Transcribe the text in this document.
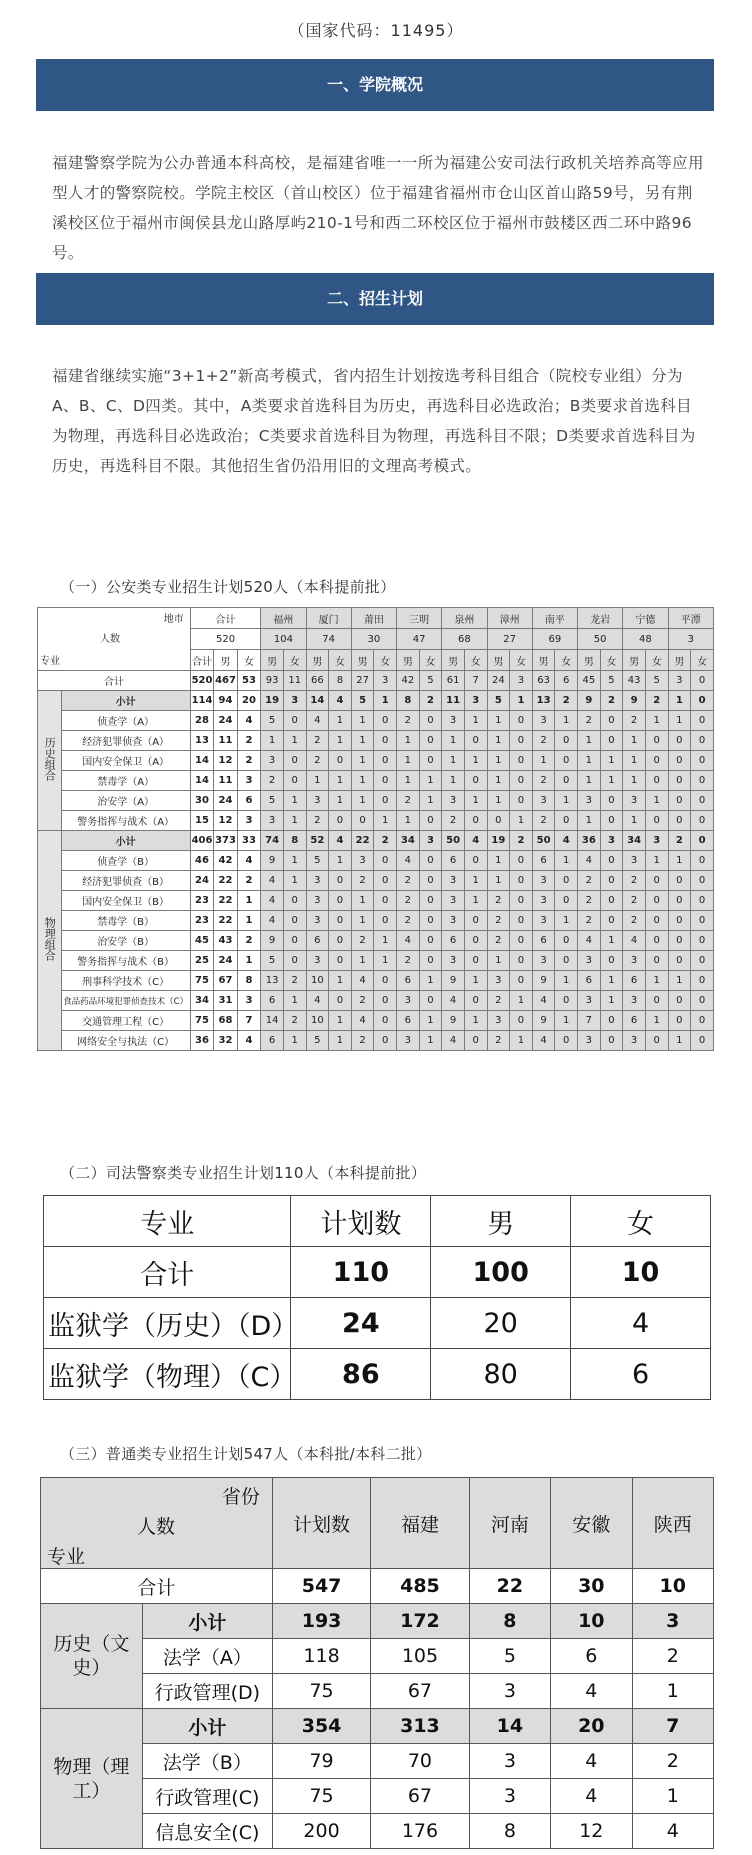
（国家代码：11495）
一、学院概况
福建警察学院为公办普通本科高校，是福建省唯一一所为福建公安司法行政机关培养高等应用型人才的警察院校。学院主校区（首山校区）位于福建省福州市仓山区首山路59号，另有荆溪校区位于福州市闽侯县龙山路厚屿210-1号和西二环校区位于福州市鼓楼区西二环中路96号。
二、招生计划
福建省继续实施“3+1+2”新高考模式，省内招生计划按选考科目组合（院校专业组）分为A、B、C、D四类。其中，A类要求首选科目为历史，再选科目必选政治；B类要求首选科目为物理，再选科目必选政治；C类要求首选科目为物理，再选科目不限；D类要求首选科目为历史，再选科目不限。其他招生省仍沿用旧的文理高考模式。
（一）公安类专业招生计划520人（本科提前批）
地市
人数
专业		合计			福州		厦门		莆田		三明		泉州		漳州		南平		龙岩		宁德		平潭	
		520			104		74		30		47		68		27		69		50		48		3	
		合计	男	女	男	女	男	女	男	女	男	女	男	女	男	女	男	女	男	女	男	女	男	女
合计		520	467	53	93	11	66	8	27	3	42	5	61	7	24	3	63	6	45	5	43	5	3	0
历史组合	小计	114	94	20	19	3	14	4	5	1	8	2	11	3	5	1	13	2	9	2	9	2	1	0
	侦查学（A）	28	24	4	5	0	4	1	1	0	2	0	3	1	1	0	3	1	2	0	2	1	1	0
	经济犯罪侦查（A）	13	11	2	1	1	2	1	1	0	1	0	1	0	1	0	2	0	1	0	1	0	0	0
	国内安全保卫（A）	14	12	2	3	0	2	0	1	0	1	0	1	1	1	0	1	0	1	1	1	0	0	0
	禁毒学（A）	14	11	3	2	0	1	1	1	0	1	1	1	0	1	0	2	0	1	1	1	0	0	0
	治安学（A）	30	24	6	5	1	3	1	1	0	2	1	3	1	1	0	3	1	3	0	3	1	0	0
	警务指挥与战术（A）	15	12	3	3	1	2	0	0	1	1	0	2	0	0	1	2	0	1	0	1	0	0	0
物理组合	小计	406	373	33	74	8	52	4	22	2	34	3	50	4	19	2	50	4	36	3	34	3	2	0
	侦查学（B）	46	42	4	9	1	5	1	3	0	4	0	6	0	1	0	6	1	4	0	3	1	1	0
	经济犯罪侦查（B）	24	22	2	4	1	3	0	2	0	2	0	3	1	1	0	3	0	2	0	2	0	0	0
	国内安全保卫（B）	23	22	1	4	0	3	0	1	0	2	0	3	1	2	0	3	0	2	0	2	0	0	0
	禁毒学（B）	23	22	1	4	0	3	0	1	0	2	0	3	0	2	0	3	1	2	0	2	0	0	0
	治安学（B）	45	43	2	9	0	6	0	2	1	4	0	6	0	2	0	6	0	4	1	4	0	0	0
	警务指挥与战术（B）	25	24	1	5	0	3	0	1	1	2	0	3	0	1	0	3	0	3	0	3	0	0	0
	刑事科学技术（C）	75	67	8	13	2	10	1	4	0	6	1	9	1	3	0	9	1	6	1	6	1	1	0
	食品药品环境犯罪侦查技术（C）	34	31	3	6	1	4	0	2	0	3	0	4	0	2	1	4	0	3	1	3	0	0	0
	交通管理工程（C）	75	68	7	14	2	10	1	4	0	6	1	9	1	3	0	9	1	7	0	6	1	0	0
	网络安全与执法（C）	36	32	4	6	1	5	1	2	0	3	1	4	0	2	1	4	0	3	0	3	0	1	0
（二）司法警察类专业招生计划110人（本科提前批）
专业	计划数	男	女
合计	110	100	10
监狱学（历史）（D）	24	20	4
监狱学（物理）（C）	86	80	6
（三）普通类专业招生计划547人（本科批/本科二批）
省份
人数
专业		计划数	福建	河南	安徽	陕西
合计		547	485	22	30	10
历史（文史）	小计	193	172	8	10	3
	法学（A）	118	105	5	6	2
	行政管理(D)	75	67	3	4	1
物理（理工）	小计	354	313	14	20	7
	法学（B）	79	70	3	4	2
	行政管理(C)	75	67	3	4	1
	信息安全(C)	200	176	8	12	4
